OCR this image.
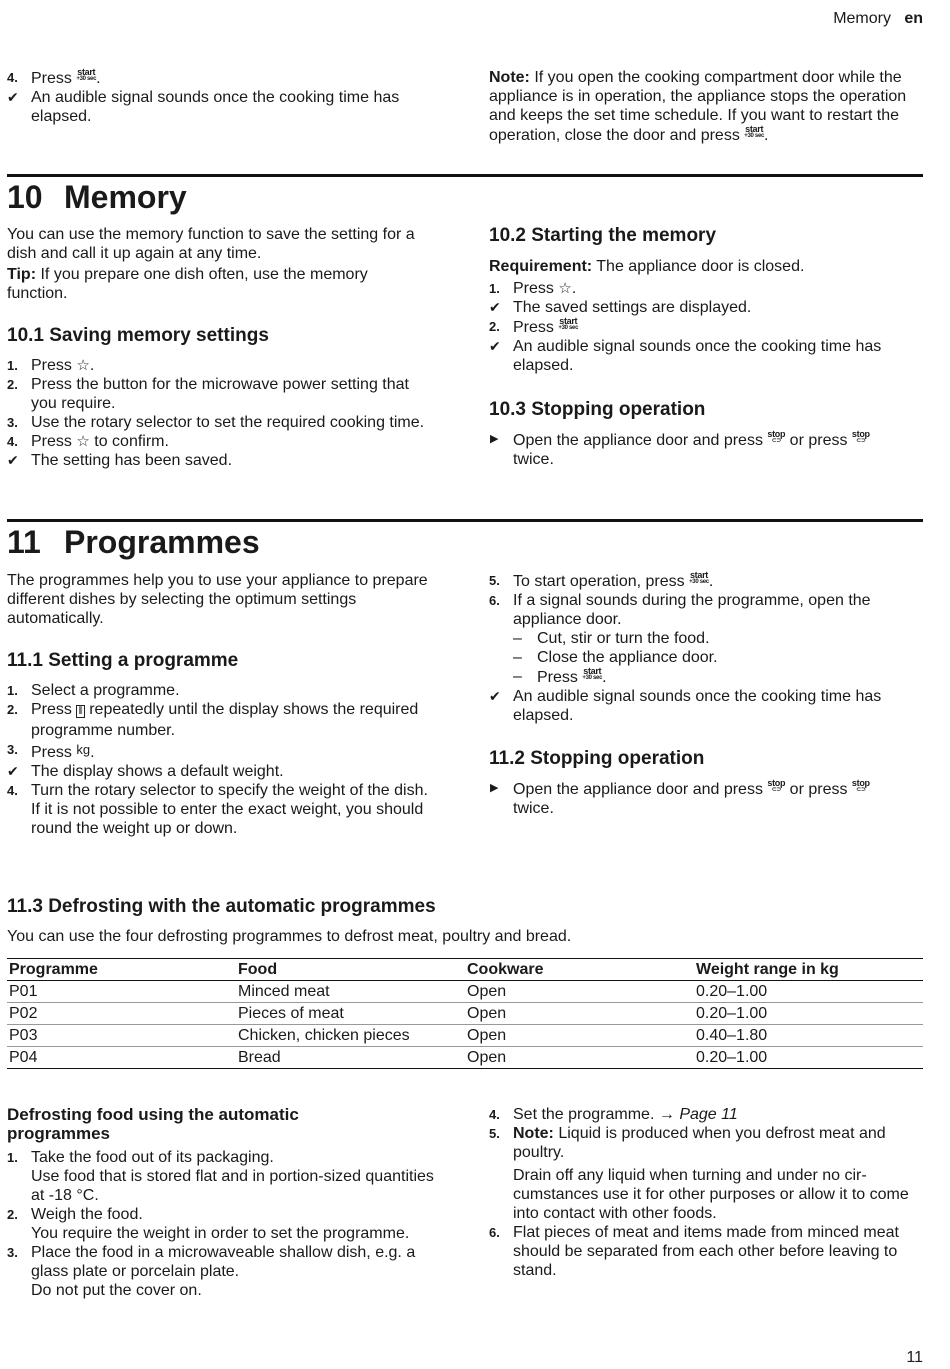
Memory en
4. Press start
+30 sec .
✔ An audible signal sounds once the cooking time has elapsed.

Note: If you open the cooking compartment door while the appliance is in operation, the appliance stops the operation and keeps the set time schedule. If you want to restart the operation, close the door and press start
+30 sec .

10 Memory

You can use the memory function to save the setting for a dish and call it up again at any time.

Tip: If you prepare one dish often, use the memory function.

10.1 Saving memory settings
1. Press ☆.
2. Press the button for the microwave power setting that you require.
3. Use the rotary selector to set the required cooking time.
4. Press ☆ to confirm.
✔ The setting has been saved.
10.2 Starting the memory

Requirement: The appliance door is closed.

1. Press ☆.
✔ The saved settings are displayed.
2. Press start
+30 sec
✔ An audible signal sounds once the cooking time has elapsed.
10.3 Stopping operation
▶ Open the appliance door and press stop
⊂⊃ or press stop
⊂⊃
twice.
11 Programmes

The programmes help you to use your appliance to prepare different dishes by selecting the optimum settings automatically.

11.1 Setting a programme
1. Select a programme.
2. Press ⦀ repeatedly until the display shows the required programme number.
3. Press kg.
✔ The display shows a default weight.
4. Turn the rotary selector to specify the weight of the dish.
If it is not possible to enter the exact weight, you should round the weight up or down.
5. To start operation, press start
+30 sec .
6. If a signal sounds during the programme, open the appliance door.
– Cut, stir or turn the food.
– Close the appliance door.
– Press start
+30 sec .
✔ An audible signal sounds once the cooking time has elapsed.
11.2 Stopping operation
▶ Open the appliance door and press stop
⊂⊃ or press stop
⊂⊃
twice.
11.3 Defrosting with the automatic programmes

You can use the four defrosting programmes to defrost meat, poultry and bread.

Programme	Food	Cookware	Weight range in kg
P01	Minced meat	Open	0.20–1.00
P02	Pieces of meat	Open	0.20–1.00
P03	Chicken, chicken pieces	Open	0.40–1.80
P04	Bread	Open	0.20–1.00
Defrosting food using the automatic programmes
1. Take the food out of its packaging.
Use food that is stored flat and in portion-sized quantities at -18 °C.
2. Weigh the food.
You require the weight in order to set the programme.
3. Place the food in a microwaveable shallow dish, e.g. a glass plate or porcelain plate.
Do not put the cover on.
4. Set the programme. → Page 11
5. Note: Liquid is produced when you defrost meat and poultry.
Drain off any liquid when turning and under no circumstances use it for other purposes or allow it to come into contact with other foods.
6. Flat pieces of meat and items made from minced meat should be separated from each other before leaving to stand.
11
